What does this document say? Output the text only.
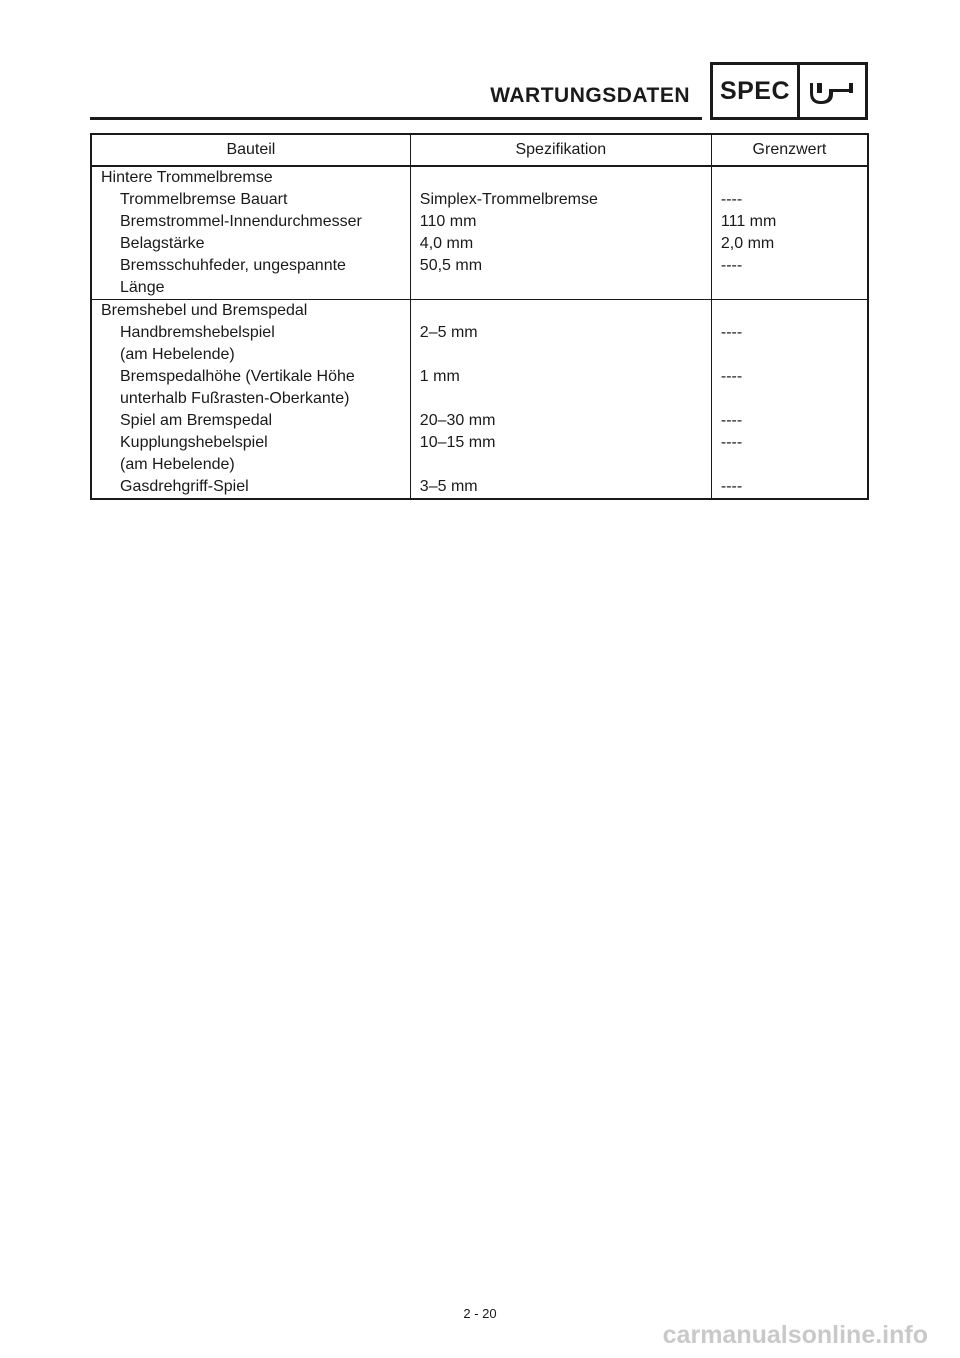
WARTUNGSDATEN SPEC
Bauteil	Spezifikation	Grenzwert
Hintere Trommelbremse		

Trommelbremse Bauart	Simplex-Trommelbremse	----

Bremstrommel-Innendurchmesser	110 mm	111 mm

Belagstärke	4,0 mm	2,0 mm

Bremsschuhfeder, ungespannte
Länge	50,5 mm	----
Bremshebel und Bremspedal		

Handbremshebelspiel
(am Hebelende)	2–5 mm	----

Bremspedalhöhe (Vertikale Höhe
unterhalb Fußrasten-Oberkante)	1 mm	----

Spiel am Bremspedal	20–30 mm	----

Kupplungshebelspiel
(am Hebelende)	10–15 mm	----

Gasdrehgriff-Spiel	3–5 mm	----
2 - 20
carmanualsonline.info
